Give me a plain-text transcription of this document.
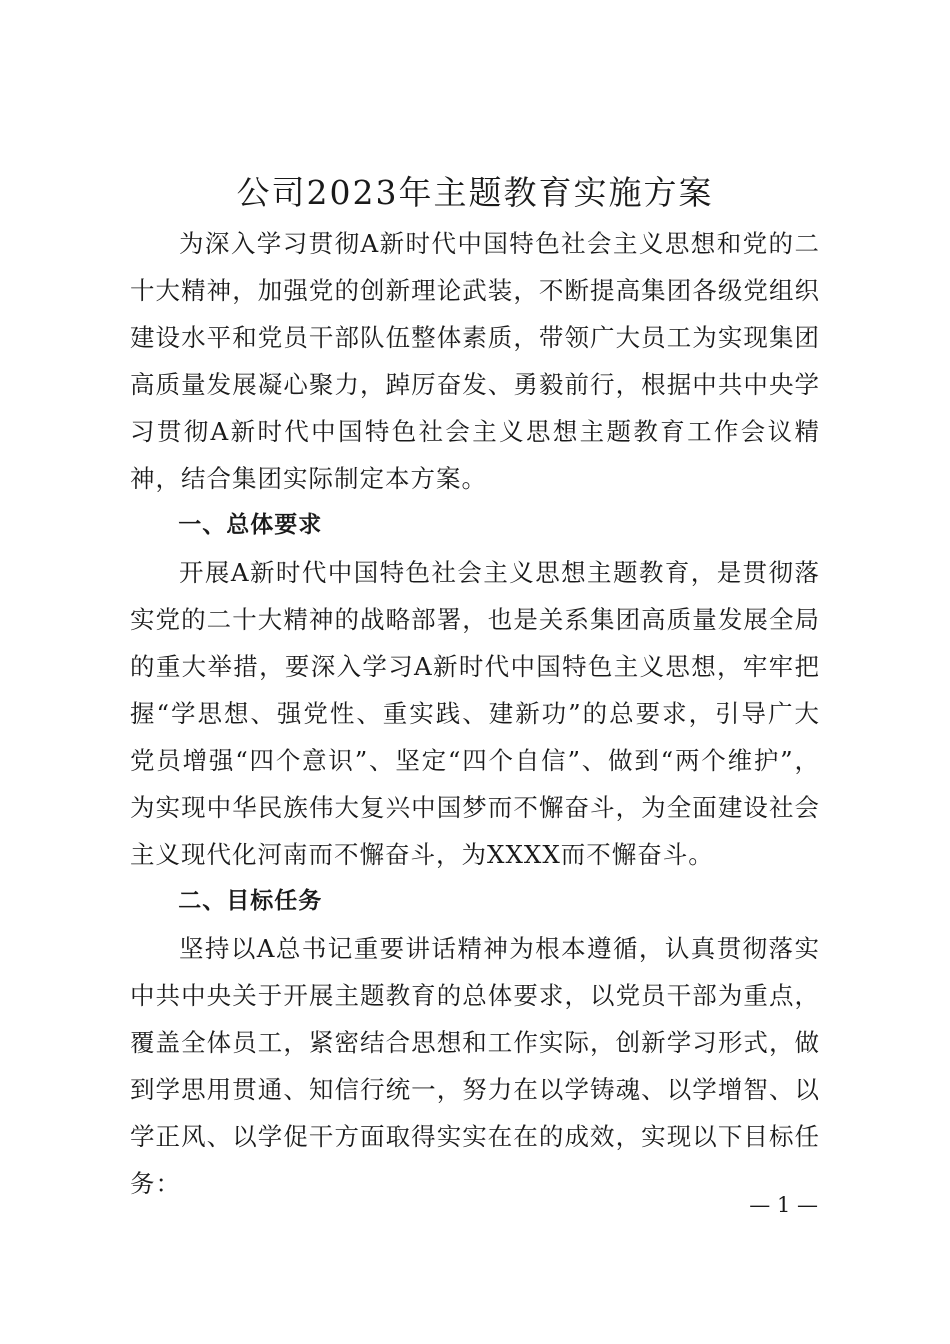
公司2023年主题教育实施方案

为深入学习贯彻A新时代中国特色社会主义思想和党的二十大精神，加强党的创新理论武装，不断提高集团各级党组织建设水平和党员干部队伍整体素质，带领广大员工为实现集团高质量发展凝心聚力，踔厉奋发、勇毅前行，根据中共中央学习贯彻A新时代中国特色社会主义思想主题教育工作会议精神，结合集团实际制定本方案。

一、总体要求

开展A新时代中国特色社会主义思想主题教育，是贯彻落实党的二十大精神的战略部署，也是关系集团高质量发展全局的重大举措，要深入学习A新时代中国特色主义思想，牢牢把握“学思想、强党性、重实践、建新功”的总要求，引导广大党员增强“四个意识”、坚定“四个自信”、做到“两个维护”，为实现中华民族伟大复兴中国梦而不懈奋斗，为全面建设社会主义现代化河南而不懈奋斗，为XXXX而不懈奋斗。

二、目标任务

坚持以A总书记重要讲话精神为根本遵循，认真贯彻落实中共中央关于开展主题教育的总体要求，以党员干部为重点，覆盖全体员工，紧密结合思想和工作实际，创新学习形式，做到学思用贯通、知信行统一，努力在以学铸魂、以学增智、以学正风、以学促干方面取得实实在在的成效，实现以下目标任务：

— 1 —
